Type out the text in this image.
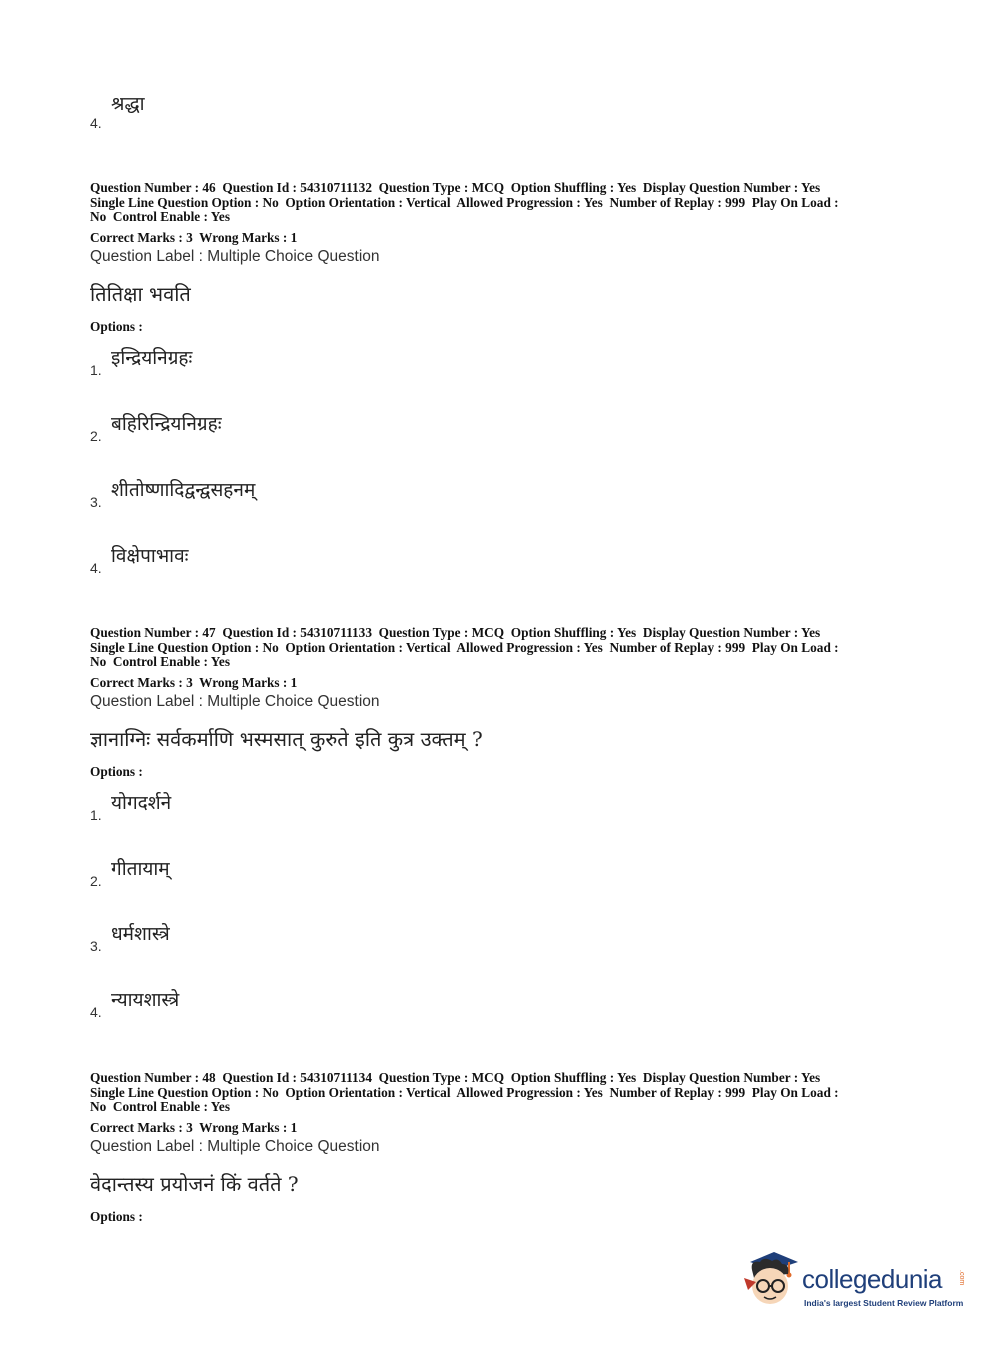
श्रद्धा
4.
Question Number : 46  Question Id : 54310711132  Question Type : MCQ  Option Shuffling : Yes  Display Question Number : Yes
Single Line Question Option : No  Option Orientation : Vertical  Allowed Progression : Yes  Number of Replay : 999  Play On Load :
No  Control Enable : Yes
Correct Marks : 3  Wrong Marks : 1
Question Label : Multiple Choice Question
तितिक्षा भवति
Options :
इन्द्रियनिग्रहः
1.
बहिरिन्द्रियनिग्रहः
2.
शीतोष्णादिद्वन्द्वसहनम्
3.
विक्षेपाभावः
4.
Question Number : 47  Question Id : 54310711133  Question Type : MCQ  Option Shuffling : Yes  Display Question Number : Yes
Single Line Question Option : No  Option Orientation : Vertical  Allowed Progression : Yes  Number of Replay : 999  Play On Load :
No  Control Enable : Yes
Correct Marks : 3  Wrong Marks : 1
Question Label : Multiple Choice Question
ज्ञानाग्निः सर्वकर्माणि भस्मसात् कुरुते इति कुत्र उक्तम् ?
Options :
योगदर्शने
1.
गीतायाम्
2.
धर्मशास्त्रे
3.
न्यायशास्त्रे
4.
Question Number : 48  Question Id : 54310711134  Question Type : MCQ  Option Shuffling : Yes  Display Question Number : Yes
Single Line Question Option : No  Option Orientation : Vertical  Allowed Progression : Yes  Number of Replay : 999  Play On Load :
No  Control Enable : Yes
Correct Marks : 3  Wrong Marks : 1
Question Label : Multiple Choice Question
वेदान्तस्य प्रयोजनं किं वर्तते ?
Options :
collegedunia .com
India's largest Student Review Platform
